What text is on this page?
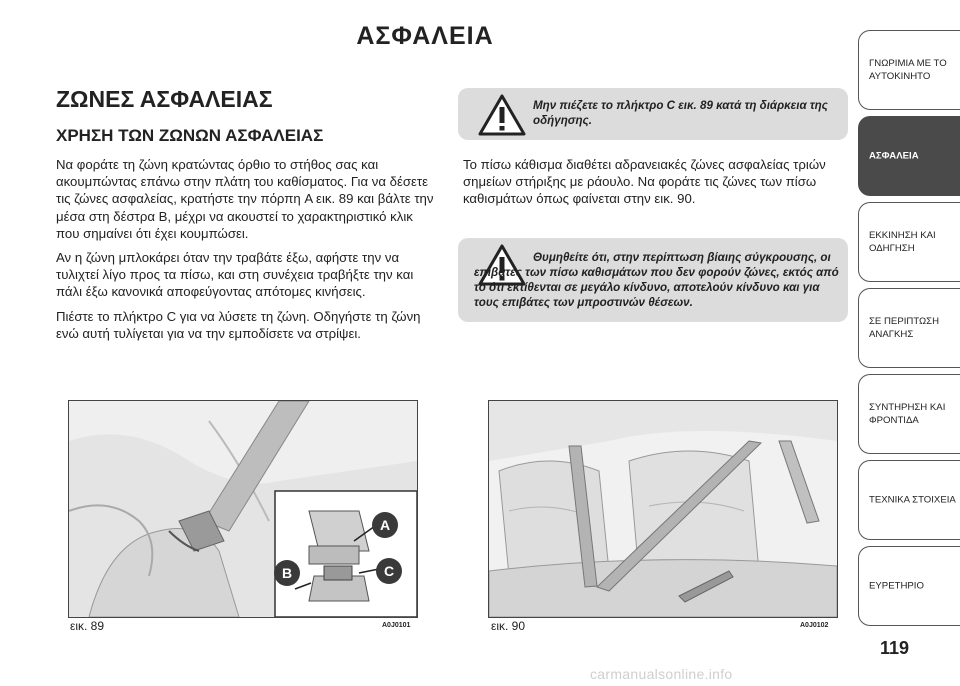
ΑΣΦΑΛΕΙΑ
ΖΩΝΕΣ ΑΣΦΑΛΕΙΑΣ
ΧΡΗΣΗ ΤΩΝ ΖΩΝΩΝ ΑΣΦΑΛΕΙΑΣ

Να φοράτε τη ζώνη κρατώντας όρθιο το στήθος σας και ακουμπώντας επάνω στην πλάτη του καθίσματος. Για να δέσετε τις ζώνες ασφαλείας, κρατήστε την πόρπη A εικ. 89 και βάλτε την μέσα στη δέστρα B, μέχρι να ακουστεί το χαρακτηριστικό κλικ που σημαίνει ότι έχει κουμπώσει.

Αν η ζώνη μπλοκάρει όταν την τραβάτε έξω, αφήστε την να τυλιχτεί λίγο προς τα πίσω, και στη συνέχεια τραβήξτε την και πάλι έξω κανονικά αποφεύγοντας απότομες κινήσεις.

Πιέστε το πλήκτρο C για να λύσετε τη ζώνη. Οδηγήστε τη ζώνη ενώ αυτή τυλίγεται για να την εμποδίσετε να στρίψει.

Μην πιέζετε το πλήκτρο C εικ. 89 κατά τη διάρκεια της οδήγησης.

Το πίσω κάθισμα διαθέτει αδρανειακές ζώνες ασφαλείας τριών σημείων στήριξης με ράουλο. Να φοράτε τις ζώνες των πίσω καθισμάτων όπως φαίνεται στην εικ. 90.

Θυμηθείτε ότι, στην περίπτωση βίαιης σύγκρουσης, οι επιβάτες των πίσω καθισμάτων που δεν φορούν ζώνες, εκτός από το ότι εκτίθενται σε μεγάλο κίνδυνο, αποτελούν κίνδυνο και για τους επιβάτες των μπροστινών θέσεων.
A
B	C
εικ. 89	A0J0101	εικ. 90	A0J0102
ΓΝΩΡΙΜΙΑ ΜΕ ΤΟ ΑΥΤΟΚΙΝΗΤΟ
ΑΣΦΑΛΕΙΑ
ΕΚΚΙΝΗΣΗ ΚΑΙ ΟΔΗΓΗΣΗ
ΣΕ ΠΕΡΙΠΤΩΣΗ ΑΝΑΓΚΗΣ
ΣΥΝΤΗΡΗΣΗ ΚΑΙ ΦΡΟΝΤΙΔΑ
ΤΕΧΝΙΚΑ ΣΤΟΙΧΕΙΑ
ΕΥΡΕΤΗΡΙΟ
119
carmanualsonline.info
